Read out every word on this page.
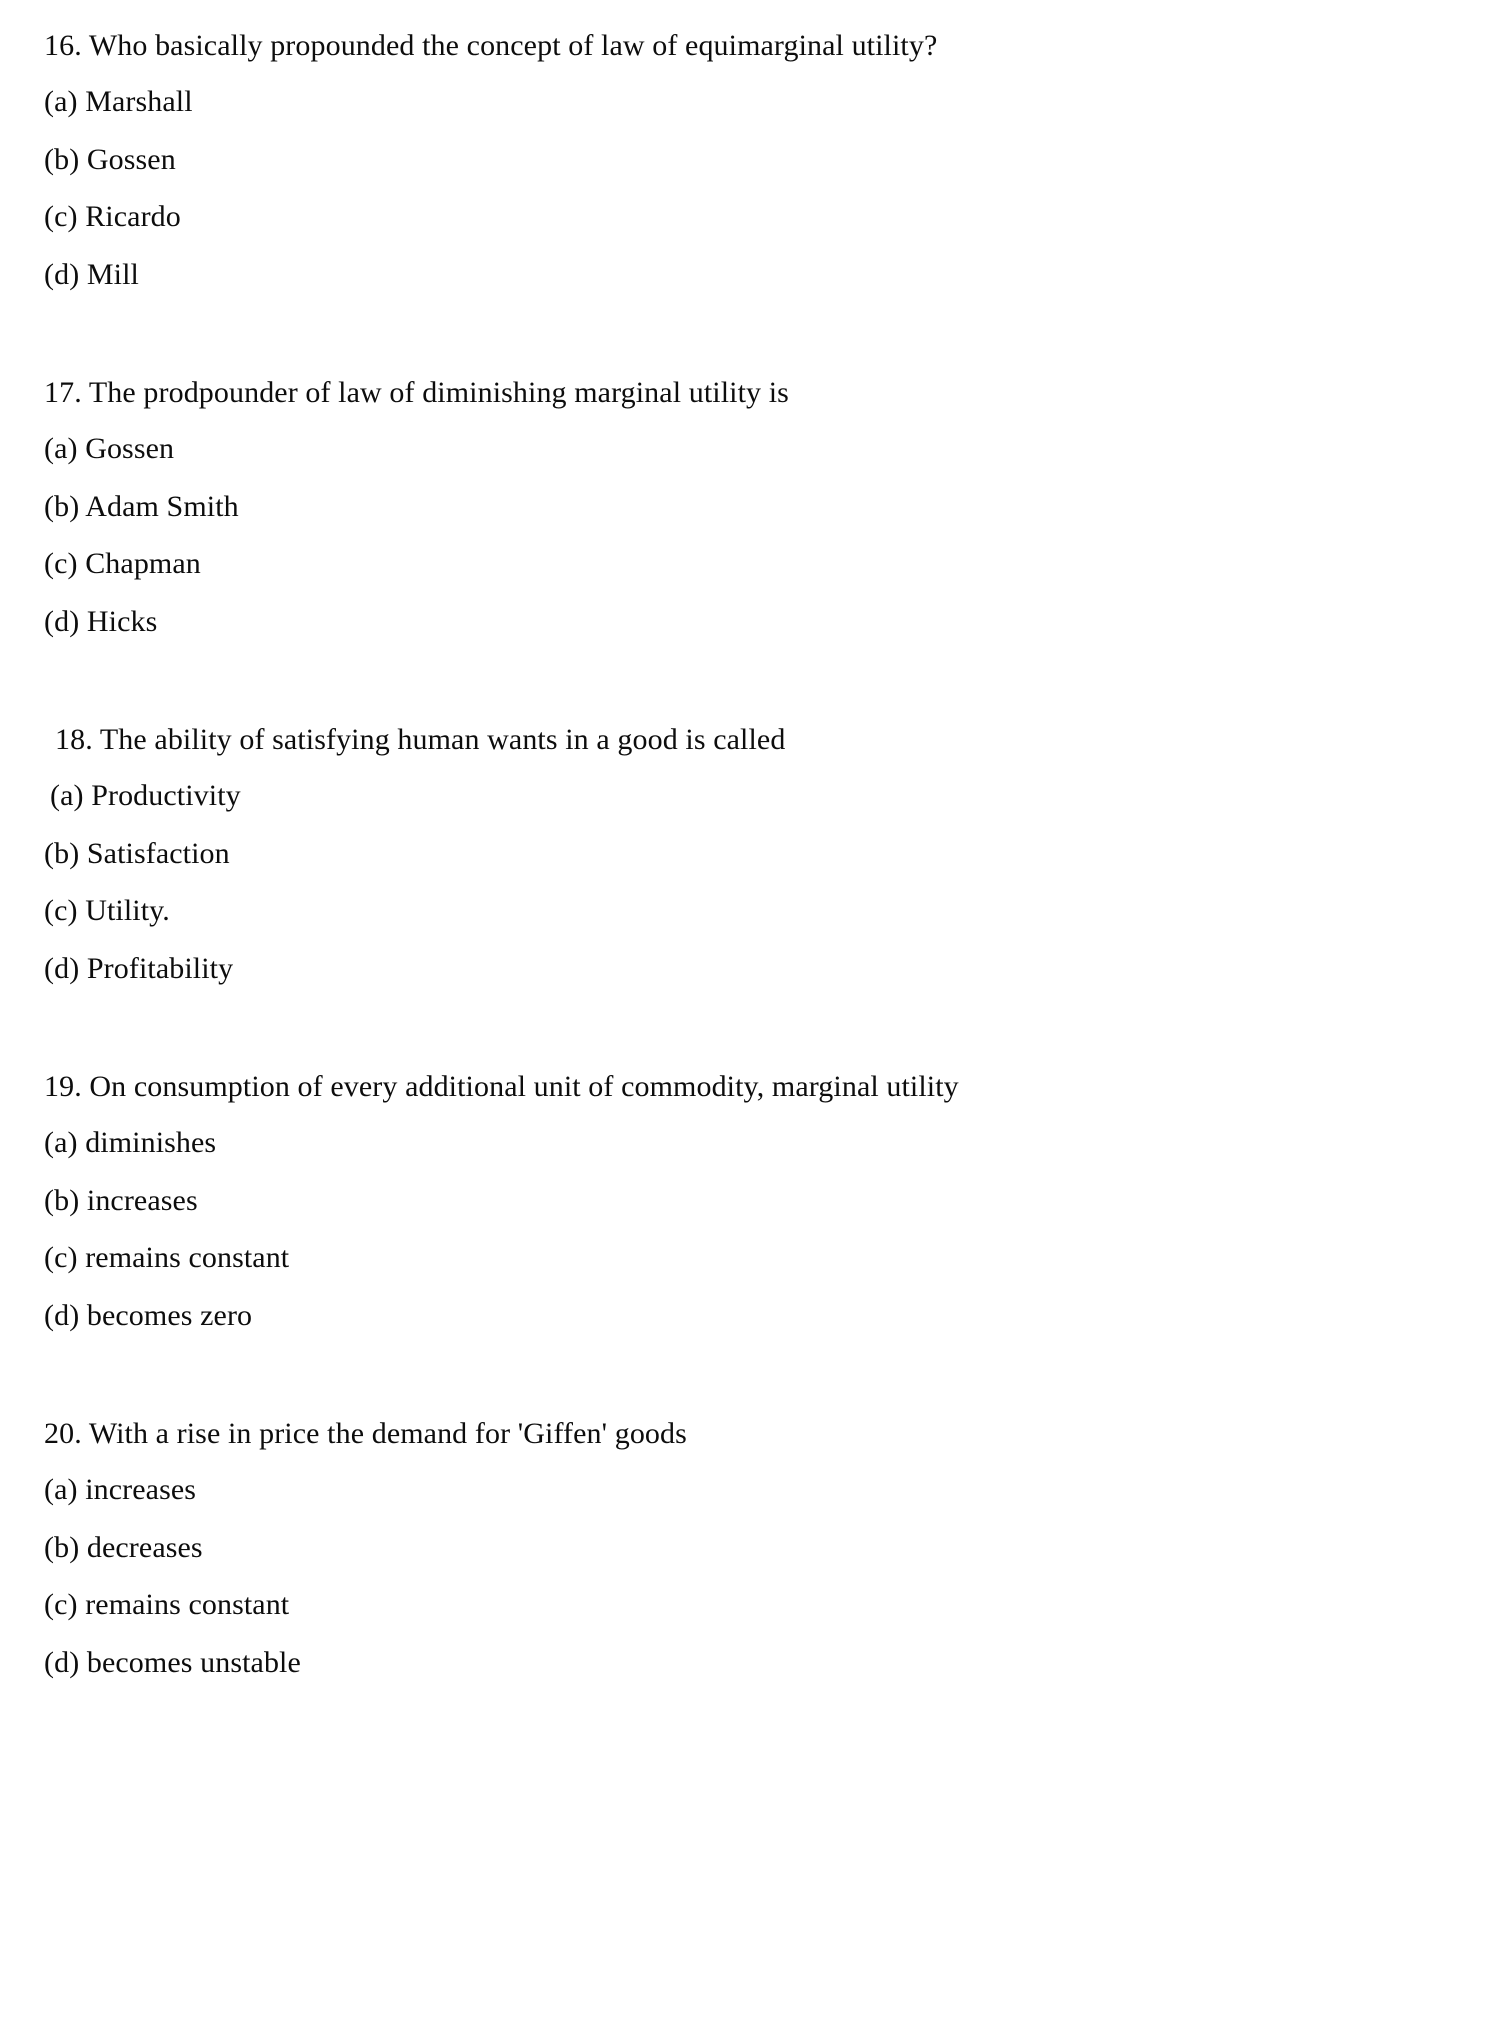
16. Who basically propounded the concept of law of equimarginal utility?

(a) Marshall

(b) Gossen

(c) Ricardo

(d) Mill

17. The prodpounder of law of diminishing marginal utility is

(a) Gossen

(b) Adam Smith

(c) Chapman

(d) Hicks

18. The ability of satisfying human wants in a good is called

(a) Productivity

(b) Satisfaction

(c) Utility.

(d) Profitability

19. On consumption of every additional unit of commodity, marginal utility

(a) diminishes

(b) increases

(c) remains constant

(d) becomes zero

20. With a rise in price the demand for 'Giffen' goods

(a) increases

(b) decreases

(c) remains constant

(d) becomes unstable
